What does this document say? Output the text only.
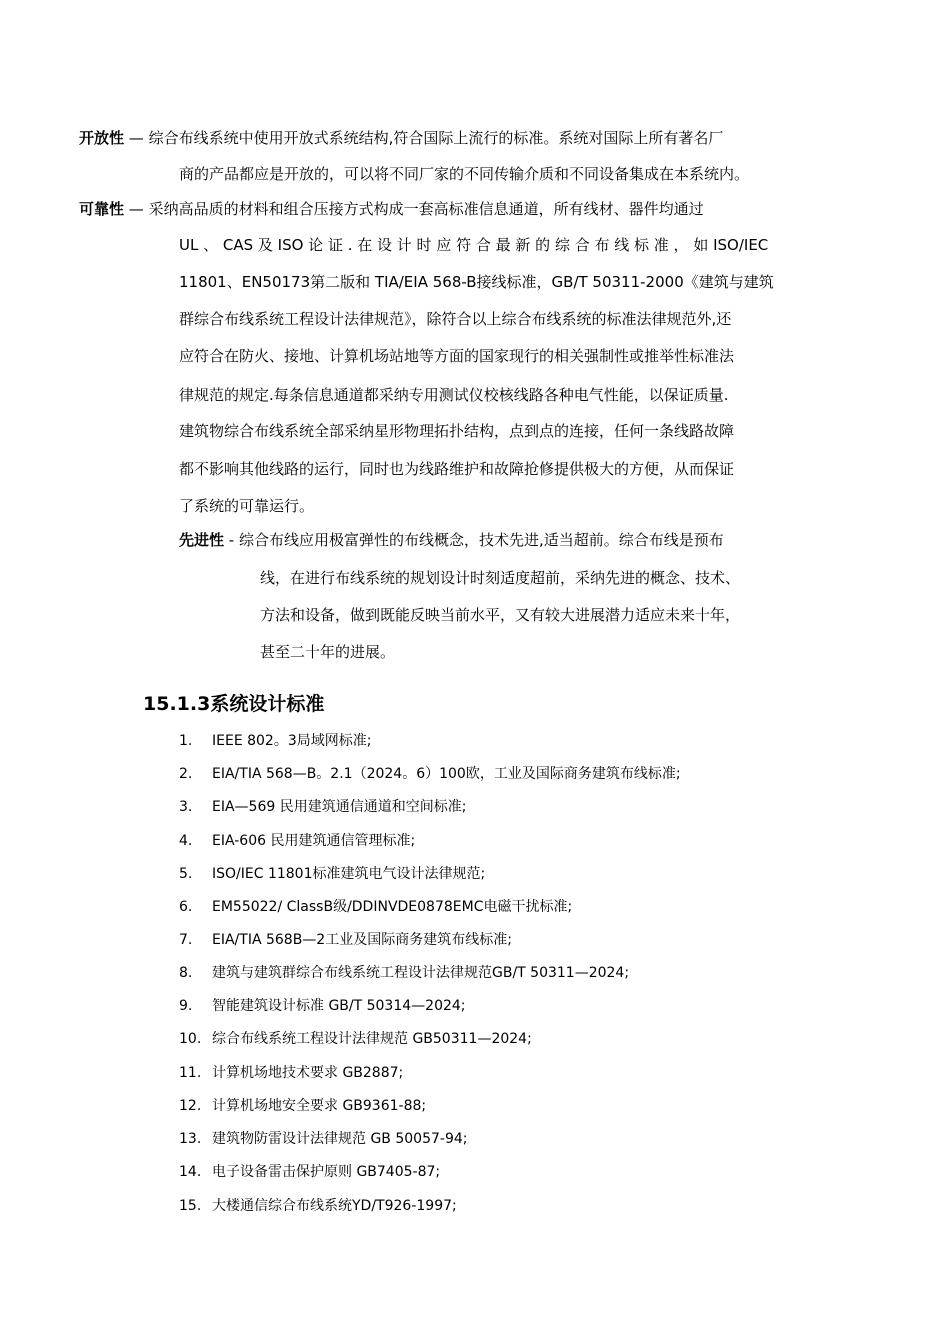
开放性 — 综合布线系统中使用开放式系统结构,符合国际上流行的标准。系统对国际上所有著名厂
商的产品都应是开放的，可以将不同厂家的不同传输介质和不同设备集成在本系统内。
可靠性 — 采纳高品质的材料和组合压接方式构成一套高标准信息通道，所有线材、器件均通过
UL 、 CAS 及 ISO 论 证 . 在 设 计 时 应 符 合 最 新 的 综 合 布 线 标 准 ， 如 ISO/IEC
11801、EN50173第二版和 TIA/EIA 568-B接线标准，GB/T 50311-2000《建筑与建筑
群综合布线系统工程设计法律规范》，除符合以上综合布线系统的标准法律规范外,还
应符合在防火、接地、计算机场站地等方面的国家现行的相关强制性或推举性标准法
律规范的规定.每条信息通道都采纳专用测试仪校核线路各种电气性能，以保证质量.
建筑物综合布线系统全部采纳星形物理拓扑结构，点到点的连接，任何一条线路故障
都不影响其他线路的运行，同时也为线路维护和故障抢修提供极大的方便，从而保证
了系统的可靠运行。
先进性 - 综合布线应用极富弹性的布线概念，技术先进,适当超前。综合布线是预布
线，在进行布线系统的规划设计时刻适度超前，采纳先进的概念、技术、
方法和设备，做到既能反映当前水平，又有较大进展潜力适应未来十年，
甚至二十年的进展。
15.1.3系统设计标准
1. IEEE 802。3局域网标准;
2. EIA/TIA 568—B。2.1（2024。6）100欧，工业及国际商务建筑布线标准;
3. EIA—569 民用建筑通信通道和空间标准;
4. EIA-606 民用建筑通信管理标准;
5. ISO/IEC 11801标准建筑电气设计法律规范;
6. EM55022/ ClassB级/DDINVDE0878EMC电磁干扰标准;
7. EIA/TIA 568B—2工业及国际商务建筑布线标准;
8. 建筑与建筑群综合布线系统工程设计法律规范GB/T 50311—2024;
9. 智能建筑设计标准 GB/T 50314—2024;
10. 综合布线系统工程设计法律规范 GB50311—2024;
11. 计算机场地技术要求 GB2887;
12. 计算机场地安全要求 GB9361-88;
13. 建筑物防雷设计法律规范 GB 50057-94;
14. 电子设备雷击保护原则 GB7405-87;
15. 大楼通信综合布线系统YD/T926-1997;
